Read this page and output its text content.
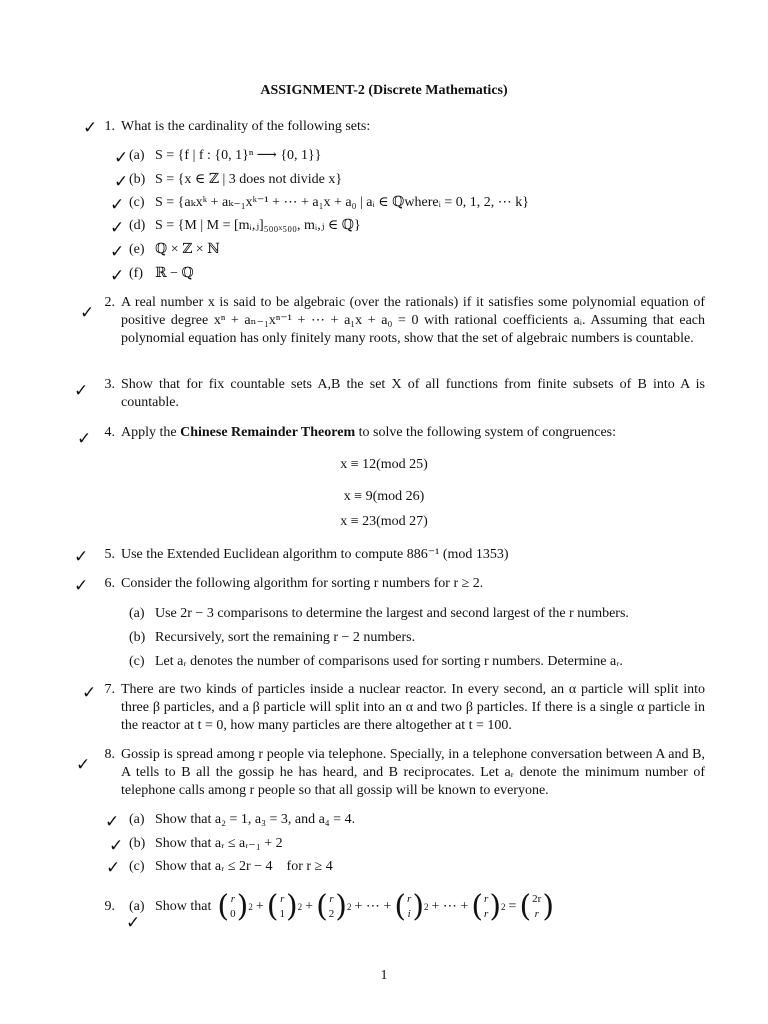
ASSIGNMENT-2 (Discrete Mathematics)
✓ 1. What is the cardinality of the following sets:
✓ (a) S = {f | f : {0, 1}ⁿ ⟶ {0, 1}}
✓ (b) S = {x ∈ ℤ | 3 does not divide x}
✓ (c) S = {aₖxᵏ + aₖ₋₁xᵏ⁻¹ + ⋯ + a₁x + a₀ | aᵢ ∈ ℚwhereᵢ = 0, 1, 2, ⋯ k}
✓ (d) S = {M | M = [mᵢ,ⱼ]₅₀₀ₓ₅₀₀, mᵢ,ⱼ ∈ ℚ}
✓ (e) ℚ × ℤ × ℕ
✓ (f) ℝ − ℚ
✓
2. A real number x is said to be algebraic (over the rationals) if it satisfies some polynomial equation of positive degree xⁿ + aₙ₋₁xⁿ⁻¹ + ⋯ + a₁x + a₀ = 0 with rational coefficients aᵢ. Assuming that each polynomial equation has only finitely many roots, show that the set of algebraic numbers is countable.
✓	3. Show that for fix countable sets A,B the set X of all functions from finite subsets of B into A is countable.
✓ 4. Apply the Chinese Remainder Theorem to solve the following system of congruences:
x ≡ 12(mod 25)
x ≡ 9(mod 26)
x ≡ 23(mod 27)
✓	5. Use the Extended Euclidean algorithm to compute 886⁻¹ (mod 1353)
✓	6. Consider the following algorithm for sorting r numbers for r ≥ 2.
(a) Use 2r − 3 comparisons to determine the largest and second largest of the r numbers.
(b) Recursively, sort the remaining r − 2 numbers.
(c) Let aᵣ denotes the number of comparisons used for sorting r numbers. Determine aᵣ.
✓ 7. There are two kinds of particles inside a nuclear reactor. In every second, an α particle will split into three β particles, and a β particle will split into an α and two β particles. If there is a single α particle in the reactor at t = 0, how many particles are there altogether at t = 100.
✓
8. Gossip is spread among r people via telephone. Specially, in a telephone conversation between A and B, A tells to B all the gossip he has heard, and B reciprocates. Let aᵣ denote the minimum number of telephone calls among r people so that all gossip will be known to everyone.
✓ (a) Show that a₂ = 1, a₃ = 3, and a₄ = 4.
✓ (b) Show that aᵣ ≤ aᵣ₋₁ + 2
✓ (c) Show that aᵣ ≤ 2r − 4    for r ≥ 4
9. (a)
✓
Show that ( r
0 ) 2 + ( r
1 ) 2 + ( r
2 ) 2 + ⋯ + ( r
i ) 2 + ⋯ + ( r
r ) 2 = ( 2r
r )
1
